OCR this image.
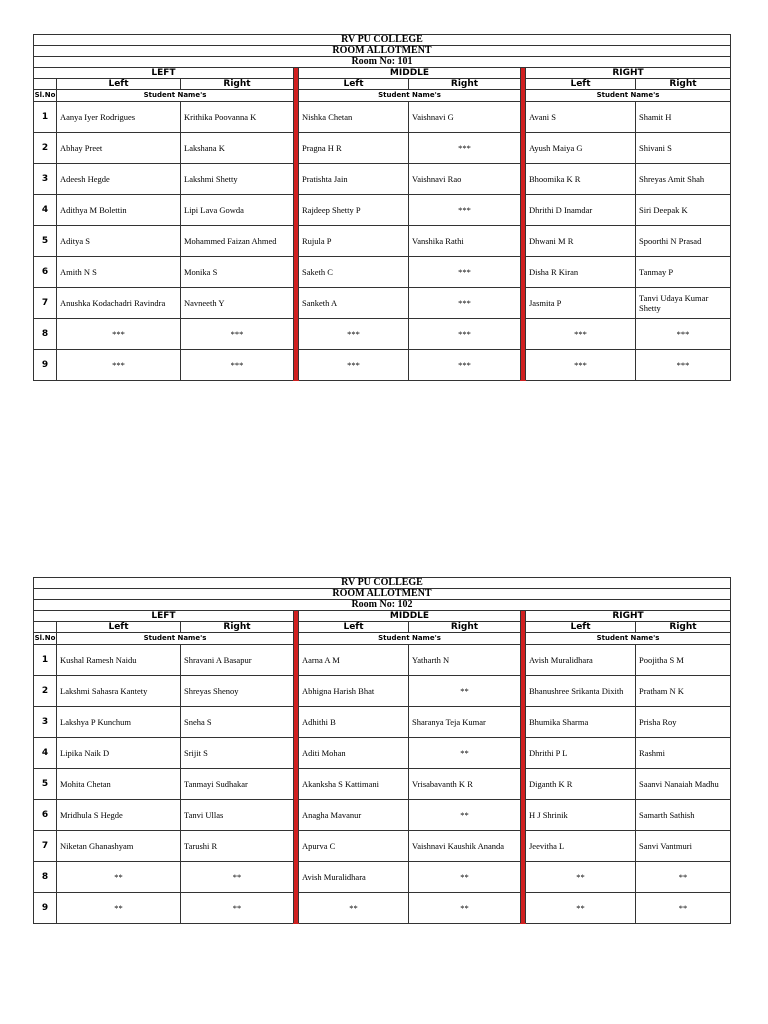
RV PU COLLEGE								
ROOM ALLOTMENT								
Room No: 101								
LEFT				MIDDLE			RIGHT	
	Left	Right		Left	Right		Left	Right
Sl.No	Student Name's			Student Name's			Student Name's	
1	Aanya Iyer Rodrigues	Krithika Poovanna K		Nishka Chetan	Vaishnavi G		Avani S	Shamit H
2	Abhay Preet	Lakshana K		Pragna H R	***		Ayush Maiya G	Shivani S
3	Adeesh Hegde	Lakshmi Shetty		Pratishta Jain	Vaishnavi Rao		Bhoomika K R	Shreyas Amit Shah
4	Adithya M Bolettin	Lipi Lava Gowda		Rajdeep Shetty P	***		Dhrithi D Inamdar	Siri Deepak K
5	Aditya S	Mohammed Faizan Ahmed		Rujula P	Vanshika Rathi		Dhwani M R	Spoorthi N Prasad
6	Amith N S	Monika S		Saketh C	***		Disha R Kiran	Tanmay P
7	Anushka Kodachadri Ravindra	Navneeth Y		Sanketh A	***		Jasmita P	Tanvi Udaya Kumar Shetty
8	***	***		***	***		***	***
9	***	***		***	***		***	***
RV PU COLLEGE								
ROOM ALLOTMENT								
Room No: 102								
LEFT				MIDDLE			RIGHT	
	Left	Right		Left	Right		Left	Right
Sl.No	Student Name's			Student Name's			Student Name's	
1	Kushal Ramesh Naidu	Shravani A Basapur		Aarna A M	Yatharth N		Avish Muralidhara	Poojitha S M
2	Lakshmi Sahasra Kantety	Shreyas Shenoy		Abhigna Harish Bhat	**		Bhanushree Srikanta Dixith	Pratham N K
3	Lakshya P Kunchum	Sneha S		Adhithi B	Sharanya Teja Kumar		Bhumika Sharma	Prisha Roy
4	Lipika Naik D	Srijit S		Aditi Mohan	**		Dhrithi P L	Rashmi
5	Mohita Chetan	Tanmayi Sudhakar		Akanksha S Kattimani	Vrisabavanth K R		Diganth K R	Saanvi Nanaiah Madhu
6	Mridhula S Hegde	Tanvi Ullas		Anagha Mavanur	**		H J Shrinik	Samarth Sathish
7	Niketan Ghanashyam	Tarushi R		Apurva C	Vaishnavi Kaushik Ananda		Jeevitha L	Sanvi Vantmuri
8	**	**		Avish Muralidhara	**		**	**
9	**	**		**	**		**	**
